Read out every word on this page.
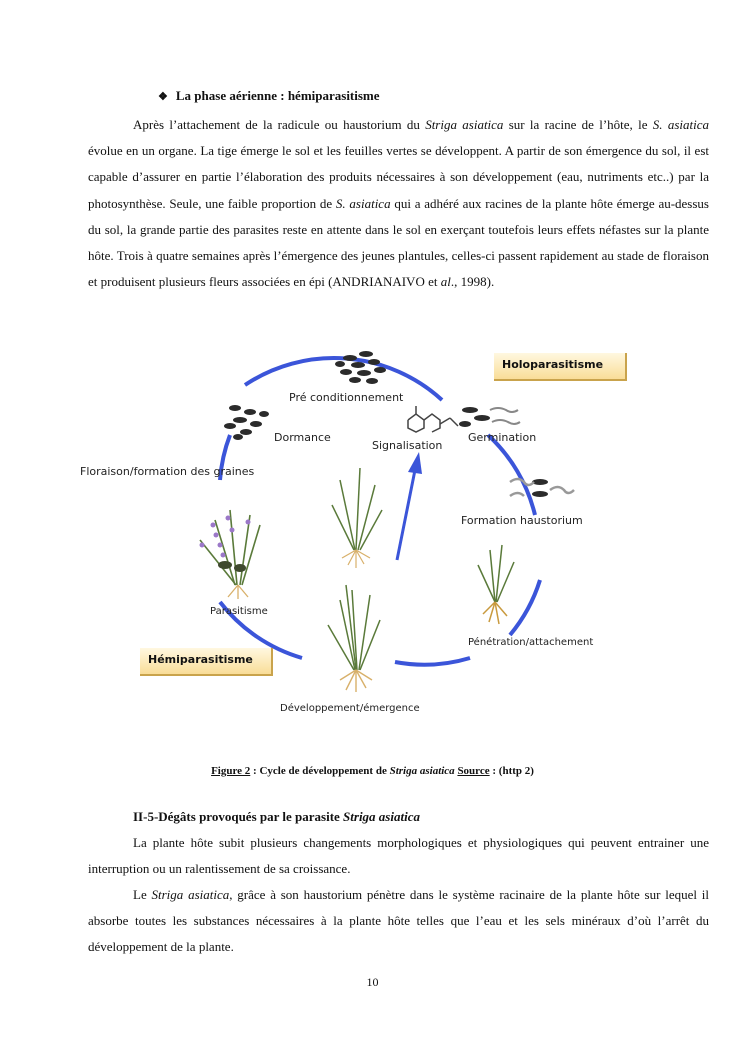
❖ La phase aérienne : hémiparasitisme
Après l’attachement de la radicule ou haustorium du Striga asiatica sur la racine de l’hôte, le S. asiatica évolue en un organe. La tige émerge le sol et les feuilles vertes se développent. A partir de son émergence du sol, il est capable d’assurer en partie l’élaboration des produits nécessaires à son développement (eau, nutriments etc..) par la photosynthèse. Seule, une faible proportion de S. asiatica qui a adhéré aux racines de la plante hôte émerge au-dessus du sol, la grande partie des parasites reste en attente dans le sol en exerçant toutefois leurs effets néfastes sur la plante hôte. Trois à quatre semaines après l’émergence des jeunes plantules, celles-ci passent rapidement au stade de floraison et produisent plusieurs fleurs associées en épi (ANDRIANAIVO et al., 1998).
Holoparasitisme
Pré conditionnement
Dormance
Signalisation
Germination
Floraison/formation des graines
Formation haustorium
Parasitisme
Pénétration/attachement
Hémiparasitisme
Développement/émergence
Figure 2 : Cycle de développement de Striga asiatica Source : (http 2)
II-5-Dégâts provoqués par le parasite Striga asiatica
La plante hôte subit plusieurs changements morphologiques et physiologiques qui peuvent entrainer une interruption ou un ralentissement de sa croissance.
Le Striga asiatica, grâce à son haustorium pénètre dans le système racinaire de la plante hôte sur lequel il absorbe toutes les substances nécessaires à la plante hôte telles que l’eau et les sels minéraux d’où l’arrêt du développement de la plante.
10
